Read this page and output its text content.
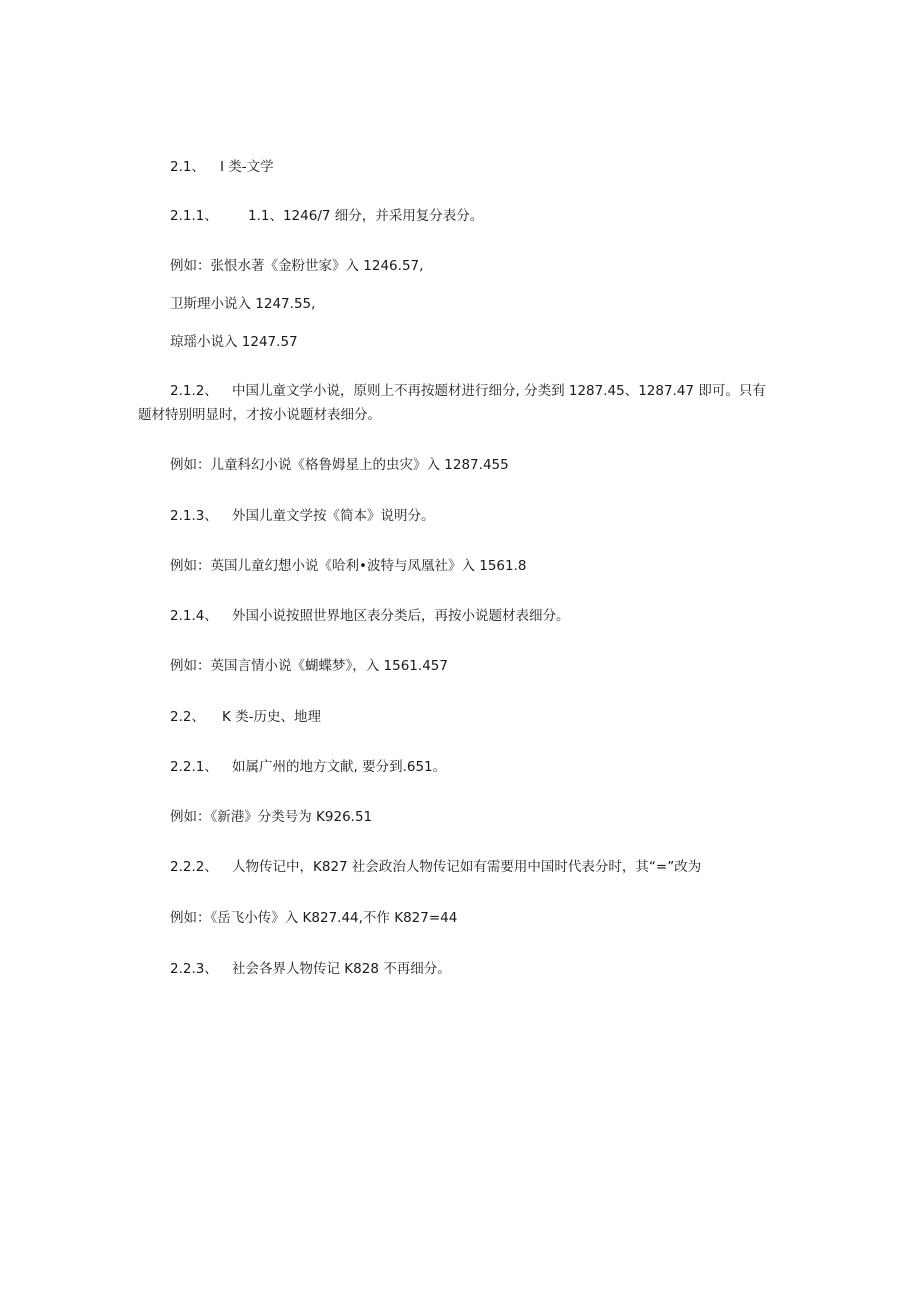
2.1、 I 类-文学
2.1.1、 1.1、1246/7 细分，并采用复分表分。
例如：张恨水著《金粉世家》入 1246.57,
卫斯理小说入 1247.55,
琼瑶小说入 1247.57
2.1.2、 中国儿童文学小说，原则上不再按题材进行细分, 分类到 1287.45、1287.47 即可。只有题材特别明显时，才按小说题材表细分。
例如：儿童科幻小说《格鲁姆星上的虫灾》入 1287.455
2.1.3、 外国儿童文学按《简本》说明分。
例如：英国儿童幻想小说《哈利•波特与凤凰社》入 1561.8
2.1.4、 外国小说按照世界地区表分类后，再按小说题材表细分。
例如：英国言情小说《蝴蝶梦》，入 1561.457
2.2、 K 类-历史、地理
2.2.1、 如属广州的地方文献, 要分到.651。
例如：《新港》分类号为 K926.51
2.2.2、 人物传记中，K827 社会政治人物传记如有需要用中国时代表分时，其“=”改为
例如：《岳飞小传》入 K827.44,不作 K827=44
2.2.3、 社会各界人物传记 K828 不再细分。
